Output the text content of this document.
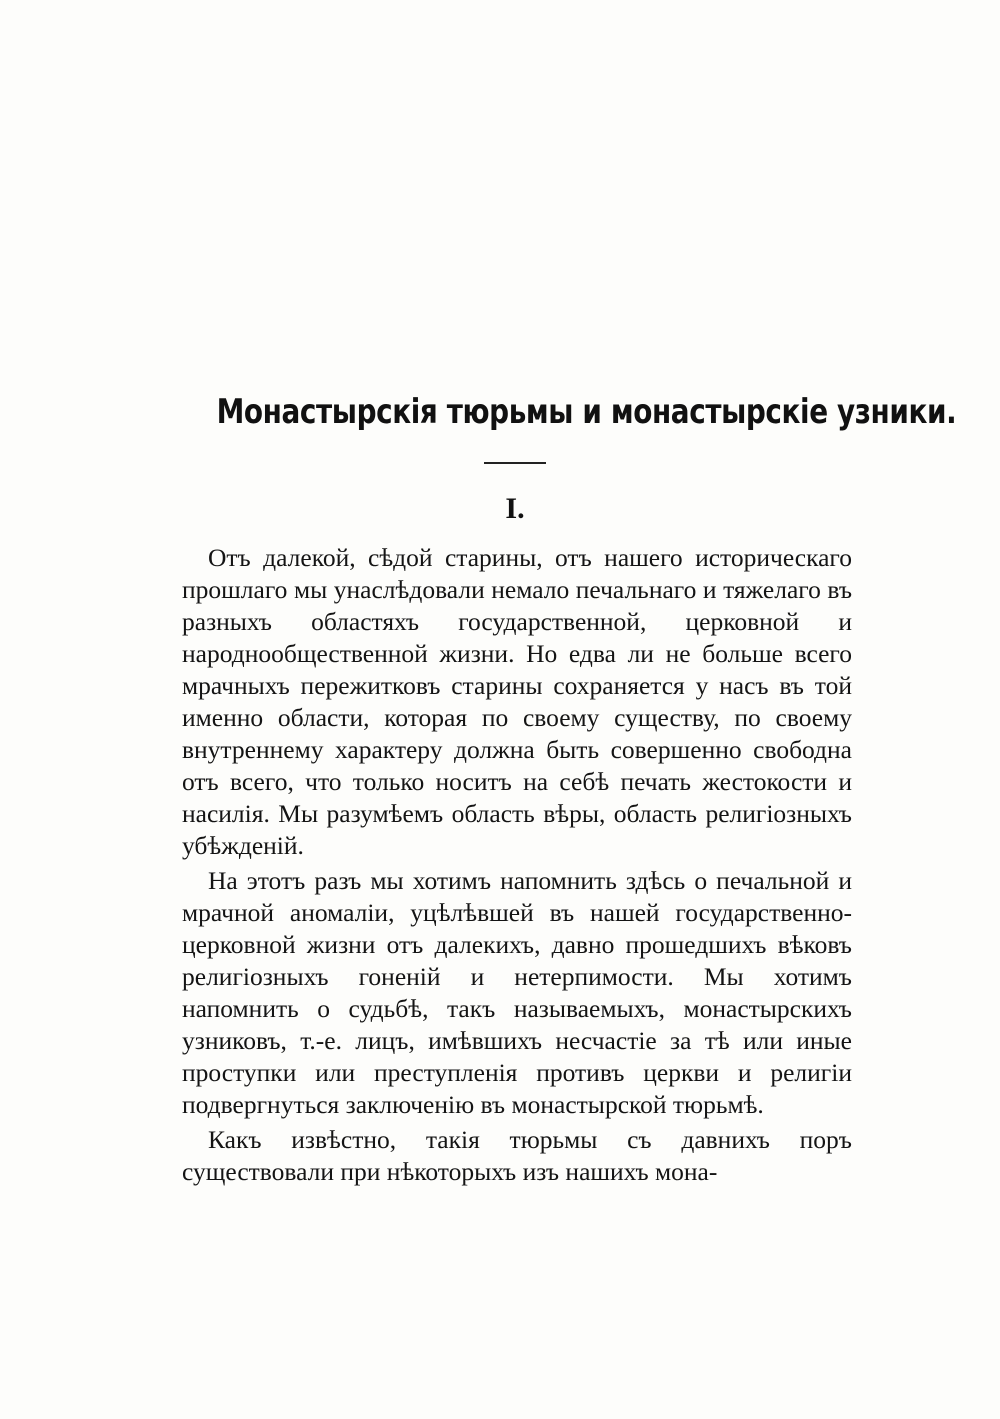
Монастырскія тюрьмы и монастырскіе узники.
I.

Отъ далекой, сѣдой старины, отъ нашего историческаго прошлаго мы унаслѣдовали немало печальнаго и тяжелаго въ разныхъ областяхъ государственной, церковной и народнообщественной жизни. Но едва ли не больше всего мрачныхъ пережитковъ старины сохраняется у насъ въ той именно области, которая по своему существу, по своему внутреннему характеру должна быть совершенно свободна отъ всего, что только носитъ на себѣ печать жестокости и насилія. Мы разумѣемъ область вѣры, область религіозныхъ убѣжденій.

На этотъ разъ мы хотимъ напомнить здѣсь о печальной и мрачной аномаліи, уцѣлѣвшей въ нашей государственно-церковной жизни отъ далекихъ, давно прошедшихъ вѣковъ религіозныхъ гоненій и нетерпимости. Мы хотимъ напомнить о судьбѣ, такъ называемыхъ, монастырскихъ узниковъ, т.-е. лицъ, имѣвшихъ несчастіе за тѣ или иные проступки или преступленія противъ церкви и религіи подвергнуться заключенію въ монастырской тюрьмѣ.

Какъ извѣстно, такія тюрьмы съ давнихъ поръ существовали при нѣкоторыхъ изъ нашихъ мона-
